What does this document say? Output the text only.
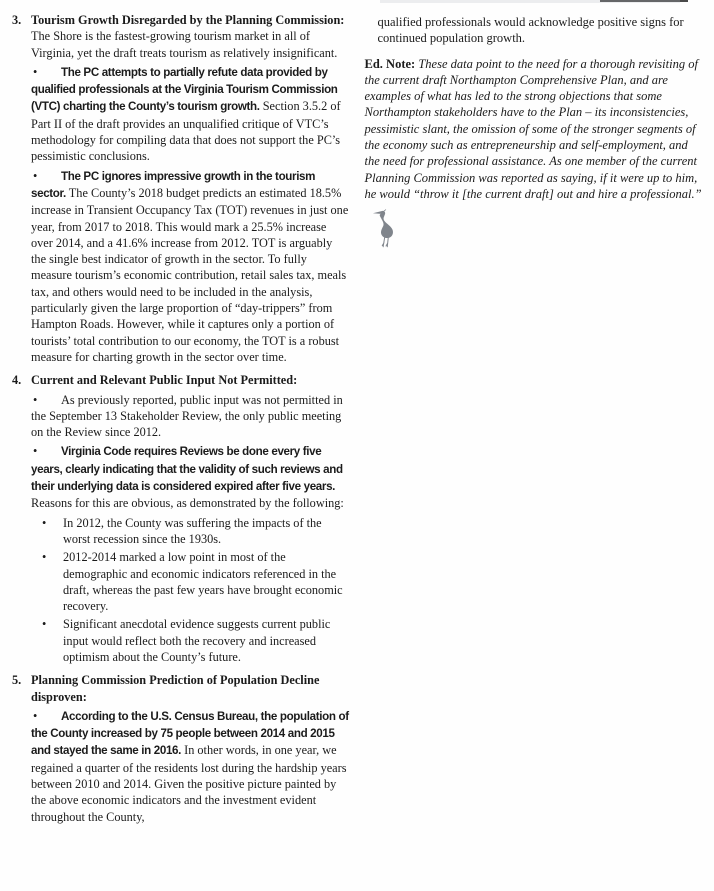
3. Tourism Growth Disregarded by the Planning Commission: The Shore is the fastest-growing tourism market in all of Virginia, yet the draft treats tourism as relatively insignificant.

• The PC attempts to partially refute data provided by qualified professionals at the Virginia Tourism Commission (VTC) charting the County’s tourism growth. Section 3.5.2 of Part II of the draft provides an unqualified critique of VTC’s methodology for compiling data that does not support the PC’s pessimistic conclusions.

• The PC ignores impressive growth in the tourism sector. The County’s 2018 budget predicts an estimated 18.5% increase in Transient Occupancy Tax (TOT) revenues in just one year, from 2017 to 2018. This would mark a 25.5% increase over 2014, and a 41.6% increase from 2012. TOT is arguably the single best indicator of growth in the sector. To fully measure tourism’s economic contribution, retail sales tax, meals tax, and others would need to be included in the analysis, particularly given the large proportion of “day-trippers” from Hampton Roads. However, while it captures only a portion of tourists’ total contribution to our economy, the TOT is a robust measure for charting growth in the sector over time.

4. Current and Relevant Public Input Not Permitted:

• As previously reported, public input was not permitted in the September 13 Stakeholder Review, the only public meeting on the Review since 2012.

• Virginia Code requires Reviews be done every five years, clearly indicating that the validity of such reviews and their underlying data is considered expired after five years. Reasons for this are obvious, as demonstrated by the following:

• In 2012, the County was suffering the impacts of the worst recession since the 1930s.

• 2012-2014 marked a low point in most of the demographic and economic indicators referenced in the draft, whereas the past few years have brought economic recovery.

• Significant anecdotal evidence suggests current public input would reflect both the recovery and increased optimism about the County’s future.

5. Planning Commission Prediction of Population Decline disproven:

• According to the U.S. Census Bureau, the population of the County increased by 75 people between 2014 and 2015 and stayed the same in 2016. In other words, in one year, we regained a quarter of the residents lost during the hardship years between 2010 and 2014. Given the positive picture painted by the above economic indicators and the investment evident throughout the County,

qualified professionals would acknowledge positive signs for continued population growth.

Ed. Note: These data point to the need for a thorough revisiting of the current draft Northampton Comprehensive Plan, and are examples of what has led to the strong objections that some Northampton stakeholders have to the Plan – its inconsistencies, pessimistic slant, the omission of some of the stronger segments of the economy such as entrepreneurship and self-employment, and the need for professional assistance. As one member of the current Planning Commission was reported as saying, if it were up to him, he would “throw it [the current draft] out and hire a professional.”
